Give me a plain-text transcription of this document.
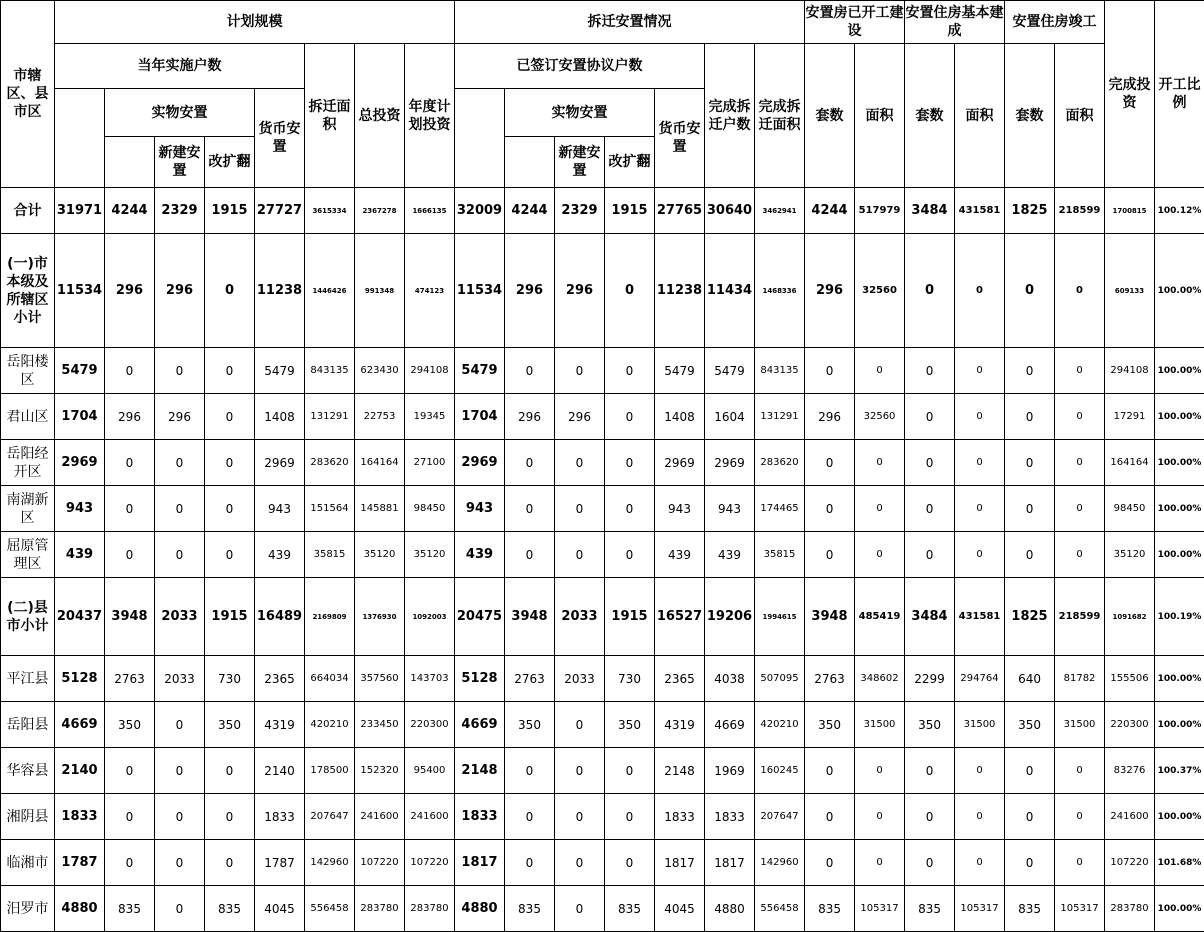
市辖区、县市区	计划规模								拆迁安置情况							安置房已开工建设		安置住房基本建成		安置住房竣工		完成投资	开工比例
	当年实施户数					拆迁面积	总投资	年度计划投资	已签订安置协议户数					完成拆迁户数	完成拆迁面积	套数	面积	套数	面积	套数	面积		
		实物安置			货币安置					实物安置			货币安置										
			新建安置	改扩翻							新建安置	改扩翻											
合计	31971	4244	2329	1915	27727	3615334	2367278	1666135	32009	4244	2329	1915	27765	30640	3462941	4244	517979	3484	431581	1825	218599	1700815	100.12%
(一)市本级及所辖区小计	11534	296	296	0	11238	1446426	991348	474123	11534	296	296	0	11238	11434	1468336	296	32560	0	0	0	0	609133	100.00%
岳阳楼区	5479	0	0	0	5479	843135	623430	294108	5479	0	0	0	5479	5479	843135	0	0	0	0	0	0	294108	100.00%
君山区	1704	296	296	0	1408	131291	22753	19345	1704	296	296	0	1408	1604	131291	296	32560	0	0	0	0	17291	100.00%
岳阳经开区	2969	0	0	0	2969	283620	164164	27100	2969	0	0	0	2969	2969	283620	0	0	0	0	0	0	164164	100.00%
南湖新区	943	0	0	0	943	151564	145881	98450	943	0	0	0	943	943	174465	0	0	0	0	0	0	98450	100.00%
屈原管理区	439	0	0	0	439	35815	35120	35120	439	0	0	0	439	439	35815	0	0	0	0	0	0	35120	100.00%
(二)县市小计	20437	3948	2033	1915	16489	2169809	1376930	1092003	20475	3948	2033	1915	16527	19206	1994615	3948	485419	3484	431581	1825	218599	1091682	100.19%
平江县	5128	2763	2033	730	2365	664034	357560	143703	5128	2763	2033	730	2365	4038	507095	2763	348602	2299	294764	640	81782	155506	100.00%
岳阳县	4669	350	0	350	4319	420210	233450	220300	4669	350	0	350	4319	4669	420210	350	31500	350	31500	350	31500	220300	100.00%
华容县	2140	0	0	0	2140	178500	152320	95400	2148	0	0	0	2148	1969	160245	0	0	0	0	0	0	83276	100.37%
湘阴县	1833	0	0	0	1833	207647	241600	241600	1833	0	0	0	1833	1833	207647	0	0	0	0	0	0	241600	100.00%
临湘市	1787	0	0	0	1787	142960	107220	107220	1817	0	0	0	1817	1817	142960	0	0	0	0	0	0	107220	101.68%
汨罗市	4880	835	0	835	4045	556458	283780	283780	4880	835	0	835	4045	4880	556458	835	105317	835	105317	835	105317	283780	100.00%
